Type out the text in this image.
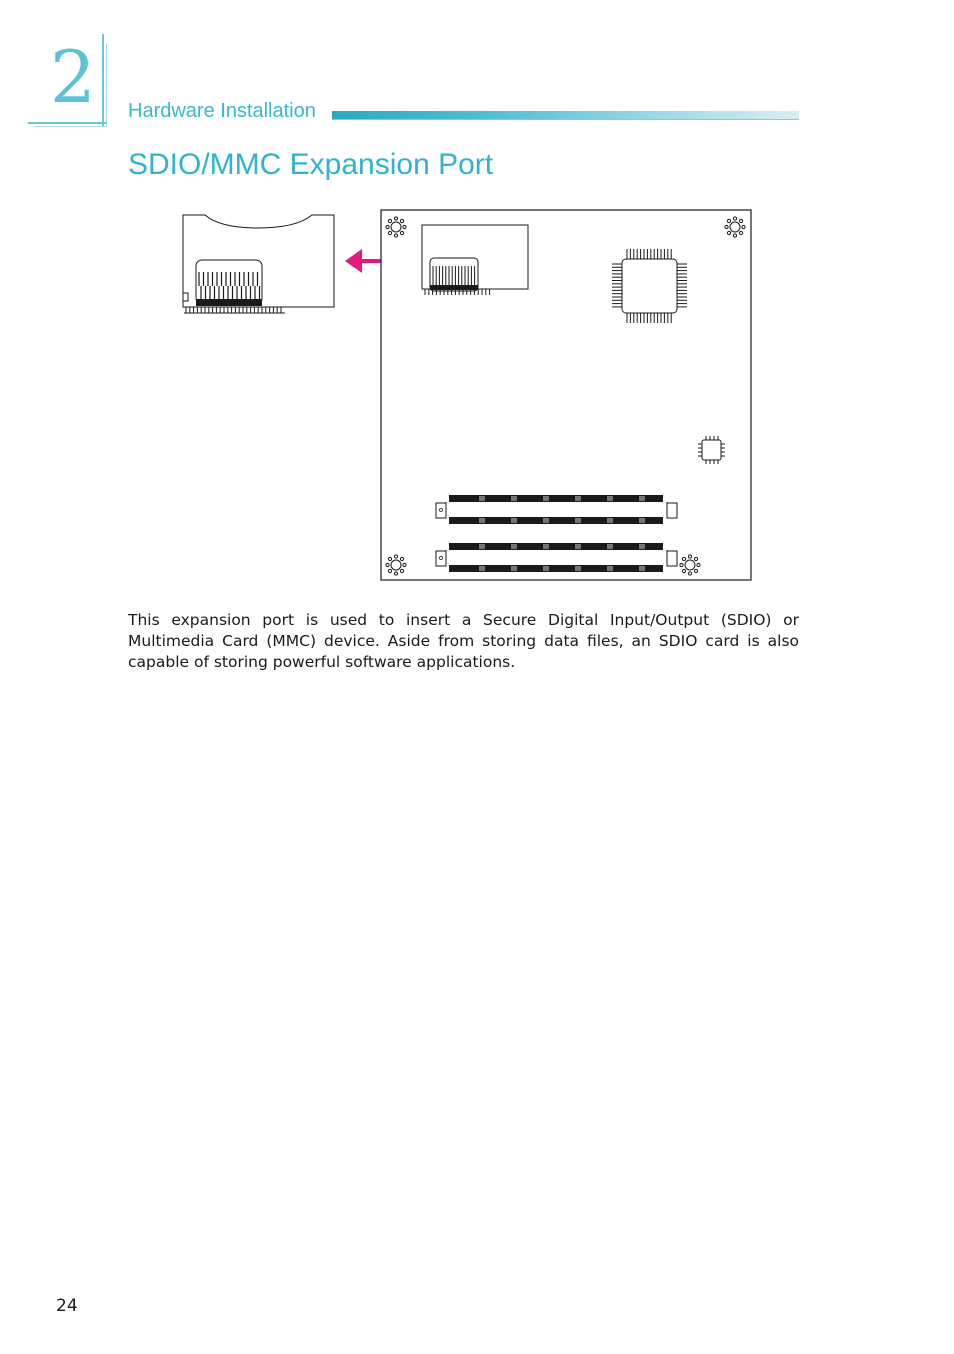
2 Hardware Installation
SDIO/MMC Expansion Port
This expansion port is used to insert a Secure Digital Input/Output (SDIO) or Multimedia Card (MMC) device. Aside from storing data files, an SDIO card is also capable of storing powerful software applications.
24
